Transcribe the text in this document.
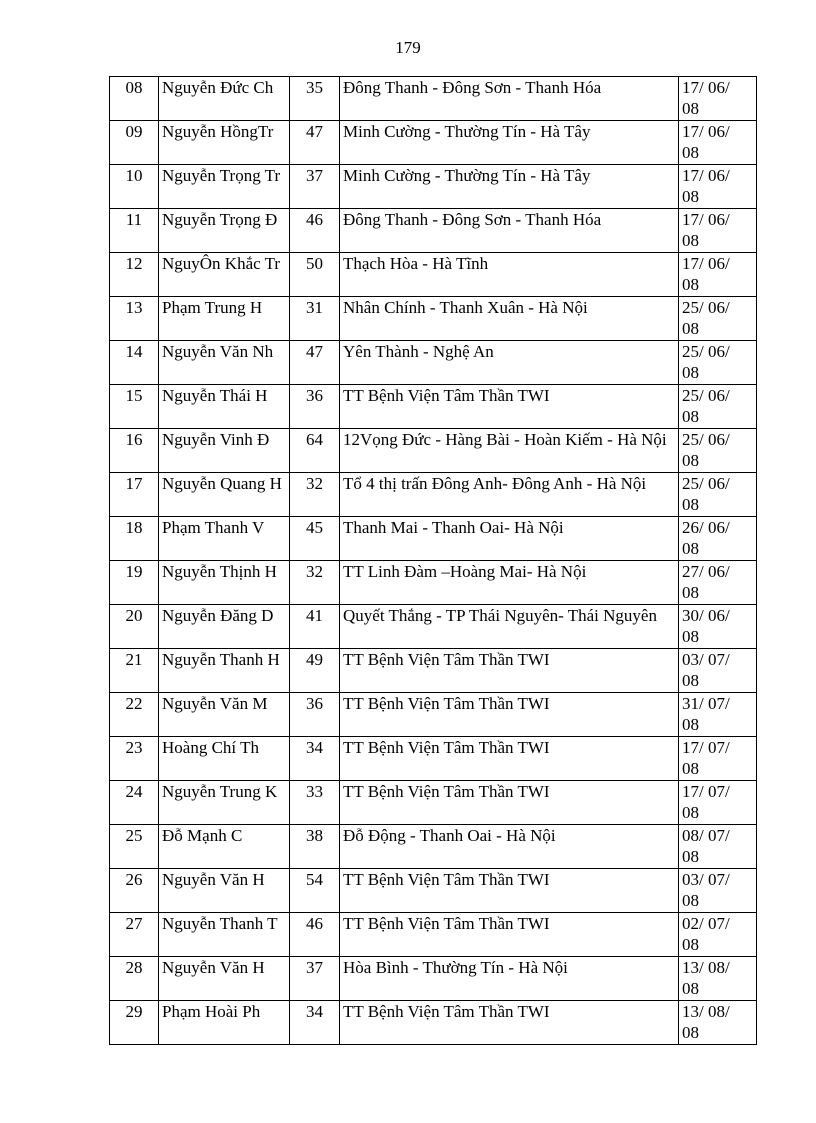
179
08	Nguyễn Đức Ch	35	Đông Thanh - Đông Sơn - Thanh Hóa	17/ 06/
08

09	Nguyễn HồngTr	47	Minh Cường - Thường Tín - Hà Tây	17/ 06/
08

10	Nguyễn Trọng Tr	37	Minh Cường - Thường Tín - Hà Tây	17/ 06/
08

11	Nguyễn Trọng Đ	46	Đông Thanh - Đông Sơn - Thanh Hóa	17/ 06/
08

12	NguyÔn Khắc Tr	50	Thạch Hòa - Hà Tĩnh	17/ 06/
08

13	Phạm Trung H	31	Nhân Chính - Thanh Xuân - Hà Nội	25/ 06/
08

14	Nguyễn Văn Nh	47	Yên Thành - Nghệ An	25/ 06/
08

15	Nguyễn Thái H	36	TT Bệnh Viện Tâm Thần TWI	25/ 06/
08

16	Nguyễn Vinh Đ	64	12Vọng Đức - Hàng Bài - Hoàn Kiếm - Hà Nội	25/ 06/
08

17	Nguyễn Quang H	32	Tổ 4 thị trấn Đông Anh- Đông Anh - Hà Nội	25/ 06/
08

18	Phạm Thanh V	45	Thanh Mai - Thanh Oai- Hà Nội	26/ 06/
08

19	Nguyễn Thịnh H	32	TT Linh Đàm –Hoàng Mai- Hà Nội	27/ 06/
08

20	Nguyễn Đăng D	41	Quyết Thắng - TP Thái Nguyên- Thái Nguyên	30/ 06/
08

21	Nguyễn Thanh H	49	TT Bệnh Viện Tâm Thần TWI	03/ 07/
08

22	Nguyễn Văn M	36	TT Bệnh Viện Tâm Thần TWI	31/ 07/
08

23	Hoàng Chí Th	34	TT Bệnh Viện Tâm Thần TWI	17/ 07/
08

24	Nguyễn Trung K	33	TT Bệnh Viện Tâm Thần TWI	17/ 07/
08

25	Đỗ Mạnh C	38	Đỗ Động - Thanh Oai - Hà Nội	08/ 07/
08

26	Nguyễn Văn H	54	TT Bệnh Viện Tâm Thần TWI	03/ 07/
08

27	Nguyễn Thanh T	46	TT Bệnh Viện Tâm Thần TWI	02/ 07/
08

28	Nguyễn Văn H	37	Hòa Bình - Thường Tín - Hà Nội	13/ 08/
08

29	Phạm Hoài Ph	34	TT Bệnh Viện Tâm Thần TWI	13/ 08/
08
